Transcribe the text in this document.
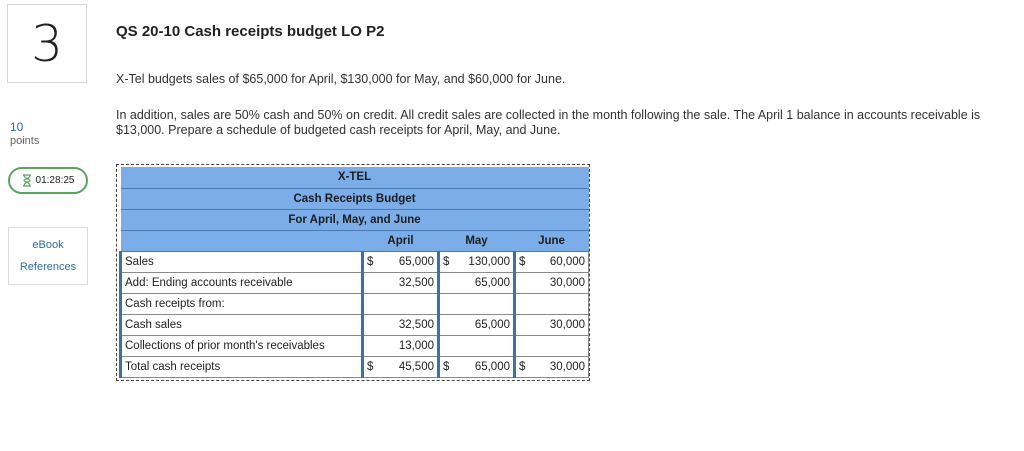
3
10
points
01:28:25
eBook
References
QS 20-10 Cash receipts budget LO P2
X-Tel budgets sales of $65,000 for April, $130,000 for May, and $60,000 for June.
In addition, sales are 50% cash and 50% on credit. All credit sales are collected in the month following the sale. The April 1 balance in accounts receivable is $13,000. Prepare a schedule of budgeted cash receipts for April, May, and June.
X-TEL			
Cash Receipts Budget			
For April, May, and June			
	April	May	June
Sales	$ 65,000	$ 130,000	$ 60,000
Add: Ending accounts receivable	32,500	65,000	30,000
Cash receipts from:	

Cash sales	32,500	65,000	30,000
Collections of prior month's receivables	13,000	

Total cash receipts	$ 45,500	$ 65,000	$ 30,000
